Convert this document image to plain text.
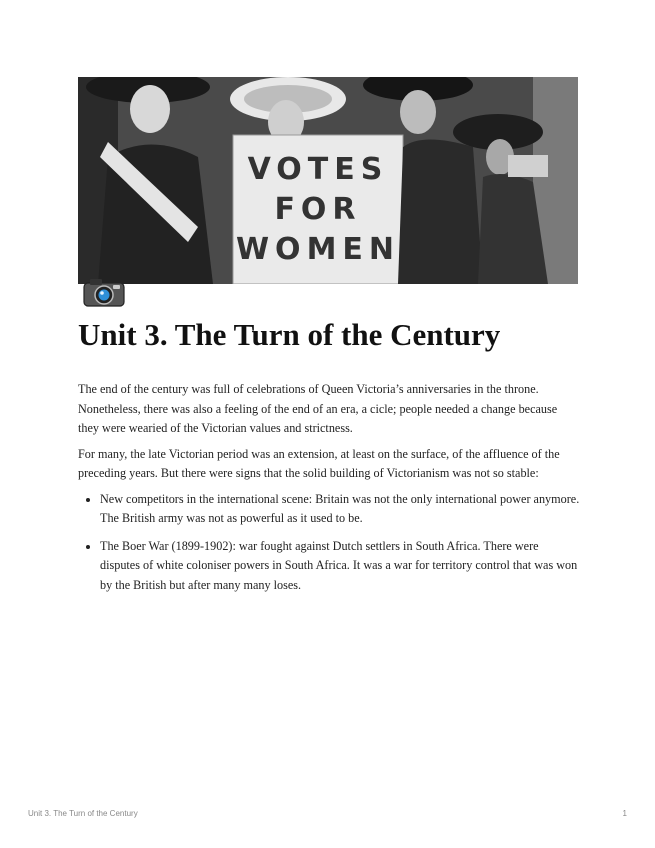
VOTES
FOR
WOMEN
Unit 3. The Turn of the Century

The end of the century was full of celebrations of Queen Victoria’s anniversaries in the throne. Nonetheless, there was also a feeling of the end of an era, a cicle; people needed a change because they were wearied of the Victorian values and strictness.

For many, the late Victorian period was an extension, at least on the surface, of the affluence of the preceding years. But there were signs that the solid building of Victorianism was not so stable:

• New competitors in the international scene: Britain was not the only international power anymore. The British army was not as powerful as it used to be.
• The Boer War (1899-1902): war fought against Dutch settlers in South Africa. There were disputes of white coloniser powers in South Africa. It was a war for territory control that was won by the British but after many many loses.
Unit 3. The Turn of the Century	1
